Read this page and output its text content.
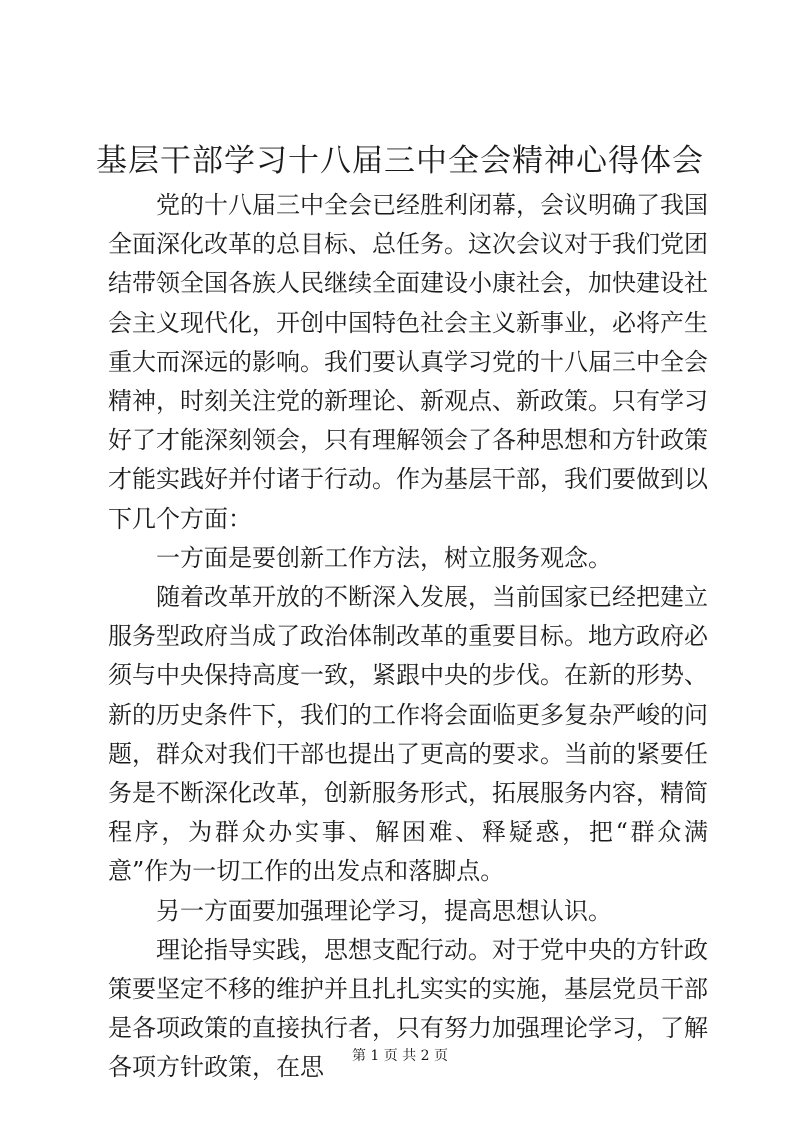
基层干部学习十八届三中全会精神心得体会

党的十八届三中全会已经胜利闭幕，会议明确了我国全面深化改革的总目标、总任务。这次会议对于我们党团结带领全国各族人民继续全面建设小康社会，加快建设社会主义现代化，开创中国特色社会主义新事业，必将产生重大而深远的影响。我们要认真学习党的十八届三中全会精神，时刻关注党的新理论、新观点、新政策。只有学习好了才能深刻领会，只有理解领会了各种思想和方针政策才能实践好并付诸于行动。作为基层干部，我们要做到以下几个方面：

一方面是要创新工作方法，树立服务观念。

随着改革开放的不断深入发展，当前国家已经把建立服务型政府当成了政治体制改革的重要目标。地方政府必须与中央保持高度一致，紧跟中央的步伐。在新的形势、新的历史条件下，我们的工作将会面临更多复杂严峻的问题，群众对我们干部也提出了更高的要求。当前的紧要任务是不断深化改革，创新服务形式，拓展服务内容，精简程序，为群众办实事、解困难、释疑惑，把“群众满意”作为一切工作的出发点和落脚点。

另一方面要加强理论学习，提高思想认识。

理论指导实践，思想支配行动。对于党中央的方针政策要坚定不移的维护并且扎扎实实的实施，基层党员干部是各项政策的直接执行者，只有努力加强理论学习，了解各项方针政策，在思	第 1 页 共 2 页
